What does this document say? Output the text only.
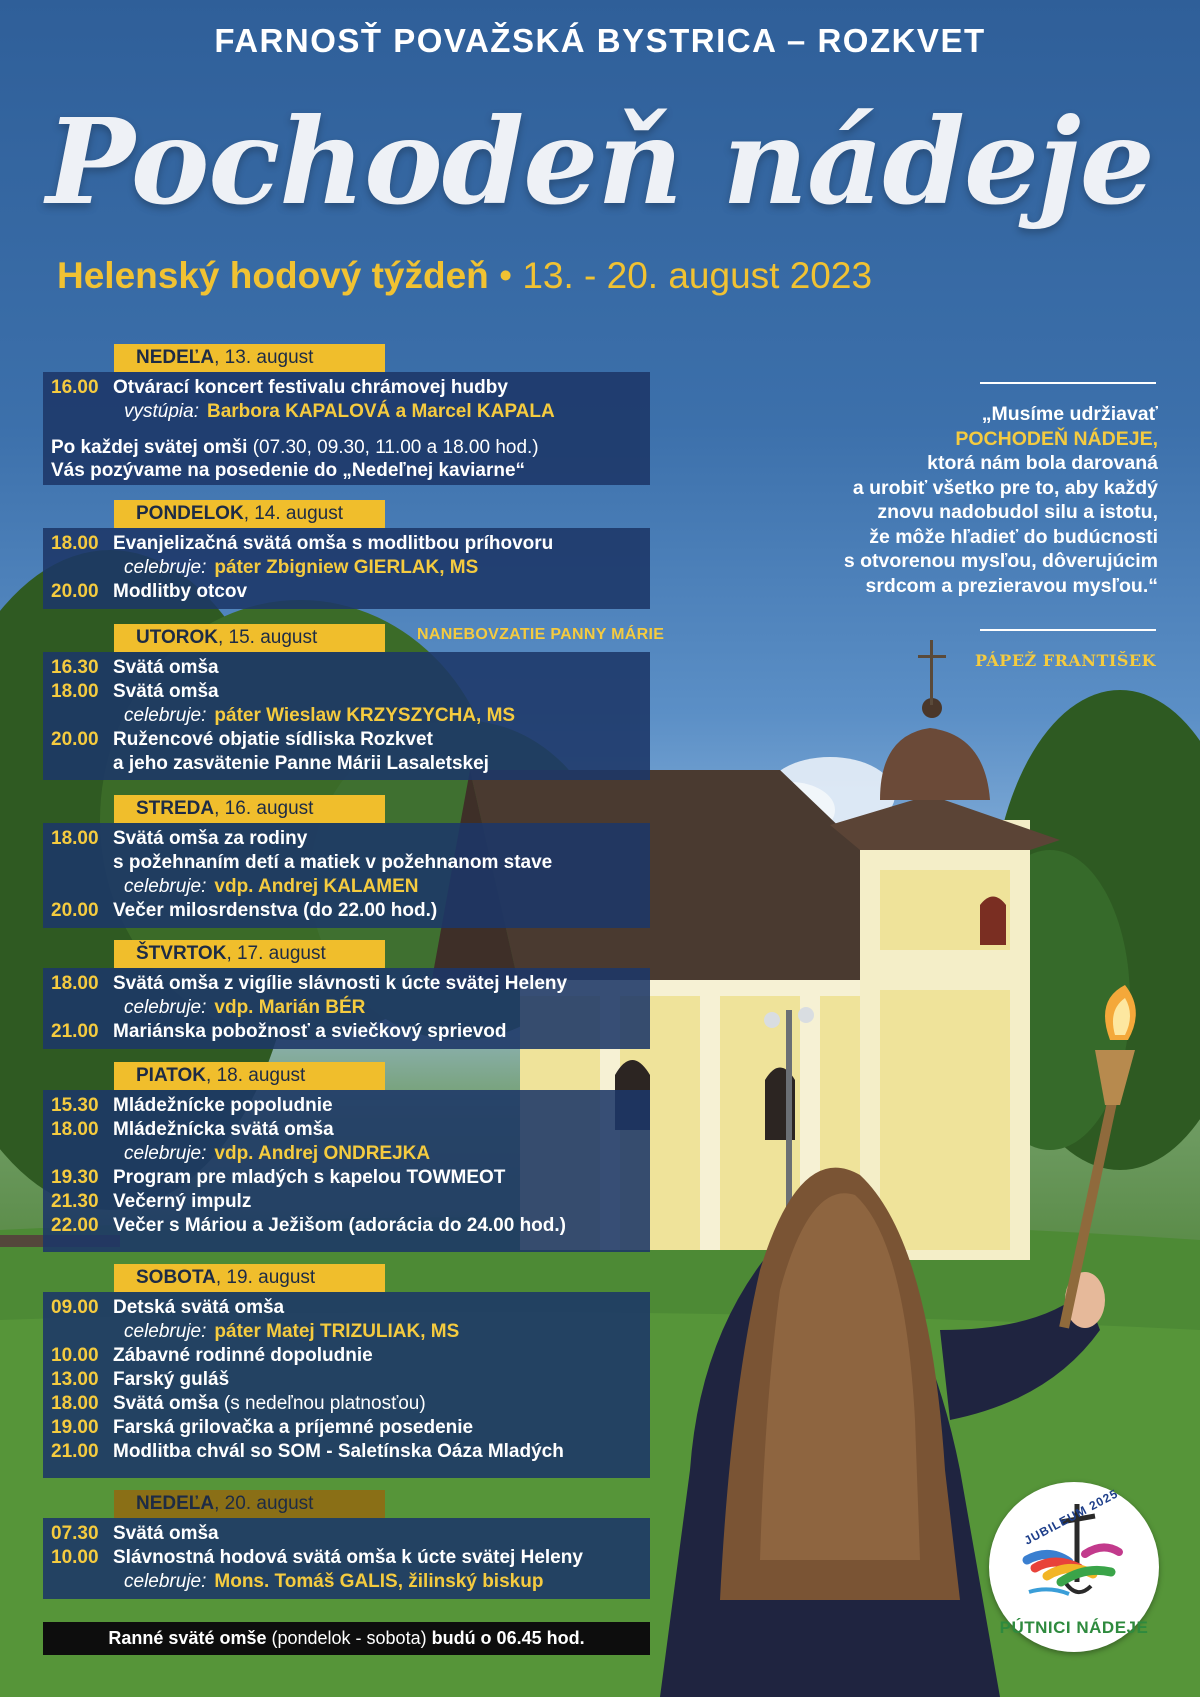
FARNOSŤ POVAŽSKÁ BYSTRICA – ROZKVET
Pochodeň nádeje
Helenský hodový týždeň • 13. - 20. august 2023
NEDEĽA, 13. august
16.00 Otvárací koncert festivalu chrámovej hudby
vystúpia: Barbora KAPALOVÁ a Marcel KAPALA
Po každej svätej omši (07.30, 09.30, 11.00 a 18.00 hod.)
Vás pozývame na posedenie do „Nedeľnej kaviarne“
PONDELOK, 14. august
18.00 Evanjelizačná svätá omša s modlitbou príhovoru
celebruje: páter Zbigniew GIERLAK, MS
20.00 Modlitby otcov
UTOROK, 15. august	NANEBOVZATIE PANNY MÁRIE
16.30 Svätá omša
18.00 Svätá omša
celebruje: páter Wieslaw KRZYSZYCHA, MS
20.00 Ružencové objatie sídliska Rozkvet
a jeho zasvätenie Panne Márii Lasaletskej
STREDA, 16. august
18.00 Svätá omša za rodiny
s požehnaním detí a matiek v požehnanom stave
celebruje: vdp. Andrej KALAMEN
20.00 Večer milosrdenstva (do 22.00 hod.)
ŠTVRTOK, 17. august
18.00 Svätá omša z vigílie slávnosti k úcte svätej Heleny
celebruje: vdp. Marián BÉR
21.00 Mariánska pobožnosť a sviečkový sprievod
PIATOK, 18. august
15.30 Mládežnícke popoludnie
18.00 Mládežnícka svätá omša
celebruje: vdp. Andrej ONDREJKA
19.30 Program pre mladých s kapelou TOWMEOT
21.30 Večerný impulz
22.00 Večer s Máriou a Ježišom (adorácia do 24.00 hod.)
SOBOTA, 19. august
09.00 Detská svätá omša
celebruje: páter Matej TRIZULIAK, MS
10.00 Zábavné rodinné dopoludnie
13.00 Farský guláš
18.00 Svätá omša (s nedeľnou platnosťou)
19.00 Farská grilovačka a príjemné posedenie
21.00 Modlitba chvál so SOM - Saletínska Oáza Mladých
NEDEĽA, 20. august
07.30 Svätá omša
10.00 Slávnostná hodová svätá omša k úcte svätej Heleny
celebruje: Mons. Tomáš GALIS, žilinský biskup
„Musíme udržiavať
POCHODEŇ NÁDEJE,
ktorá nám bola darovaná
a urobiť všetko pre to, aby každý
znovu nadobudol silu a istotu,
že môže hľadieť do budúcnosti
s otvorenou mysľou, dôverujúcim
srdcom a prezieravou mysľou.“
PÁPEŽ FRANTIŠEK
Ranné sväté omše (pondelok - sobota) budú o 06.45 hod.
JUBILEUM 2025
PÚTNICI NÁDEJE
